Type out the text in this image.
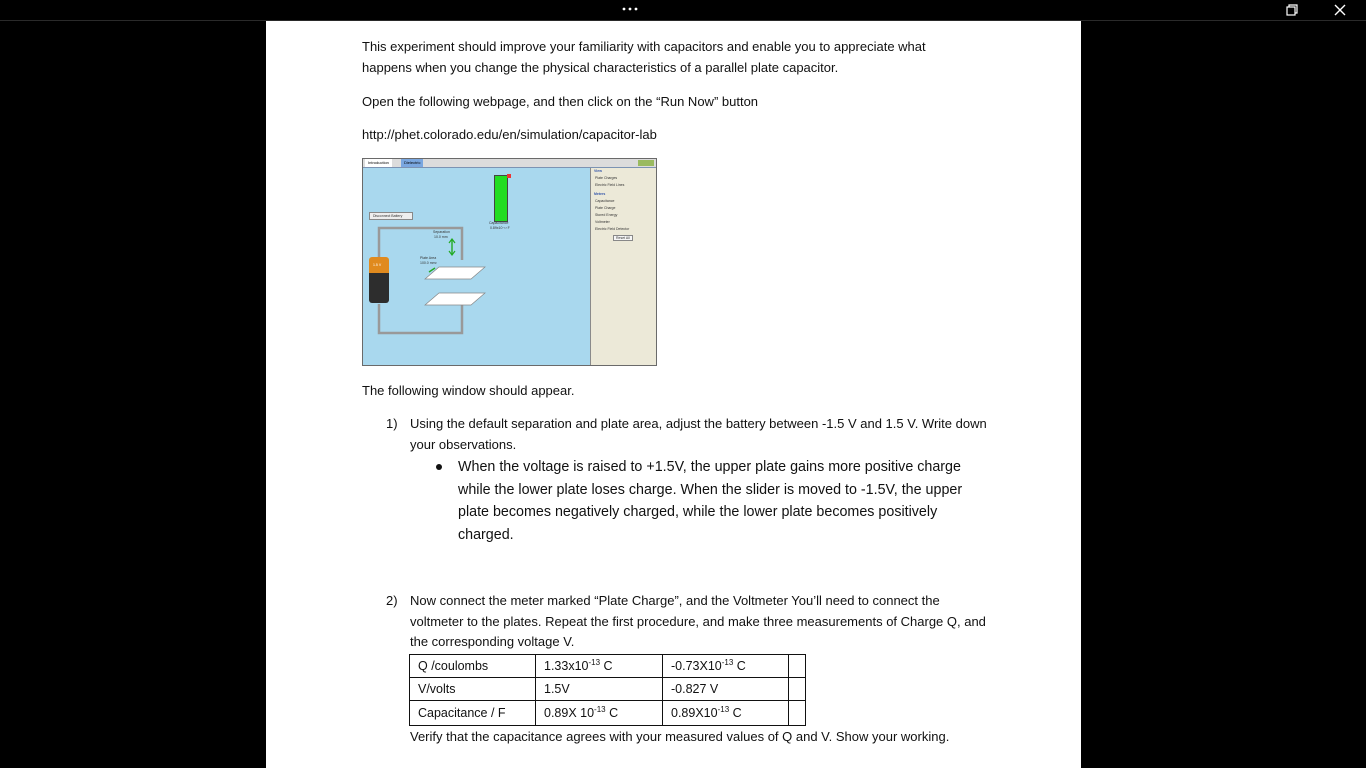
This experiment should improve your familiarity with capacitors and enable you to appreciate what happens when you change the physical characteristics of a parallel plate capacitor.

Open the following webpage, and then click on the “Run Now” button

http://phet.colorado.edu/en/simulation/capacitor-lab

Introduction	Dielectric
Disconnect Battery
1.5 V
Separation
10.0 mm
Plate Area
100.0 mm²
Capacitance
0.89x10⁻¹³ F
View
Plate Charges
Electric Field Lines
Meters
Capacitance
Plate Charge
Stored Energy
Voltmeter
Electric Field Detector
Reset All

The following window should appear.

1) Using the default separation and plate area, adjust the battery between -1.5 V and 1.5 V. Write down your observations.

When the voltage is raised to +1.5V, the upper plate gains more positive charge while the lower plate loses charge. When the slider is moved to -1.5V, the upper plate becomes negatively charged, while the lower plate becomes positively charged.

2) Now connect the meter marked “Plate Charge”, and the Voltmeter You’ll need to connect the voltmeter to the plates. Repeat the first procedure, and make three measurements of Charge Q, and the corresponding voltage V.

Q /coulombs	$1.33x10^{-13}$ C	$-0.73X10^{-13}$ C	
V/volts	1.5V	-0.827 V	
Capacitance / F	0.89X $10^{-13}$ C	$0.89X10^{-13}$ C	

Verify that the capacitance agrees with your measured values of Q and V. Show your working.
